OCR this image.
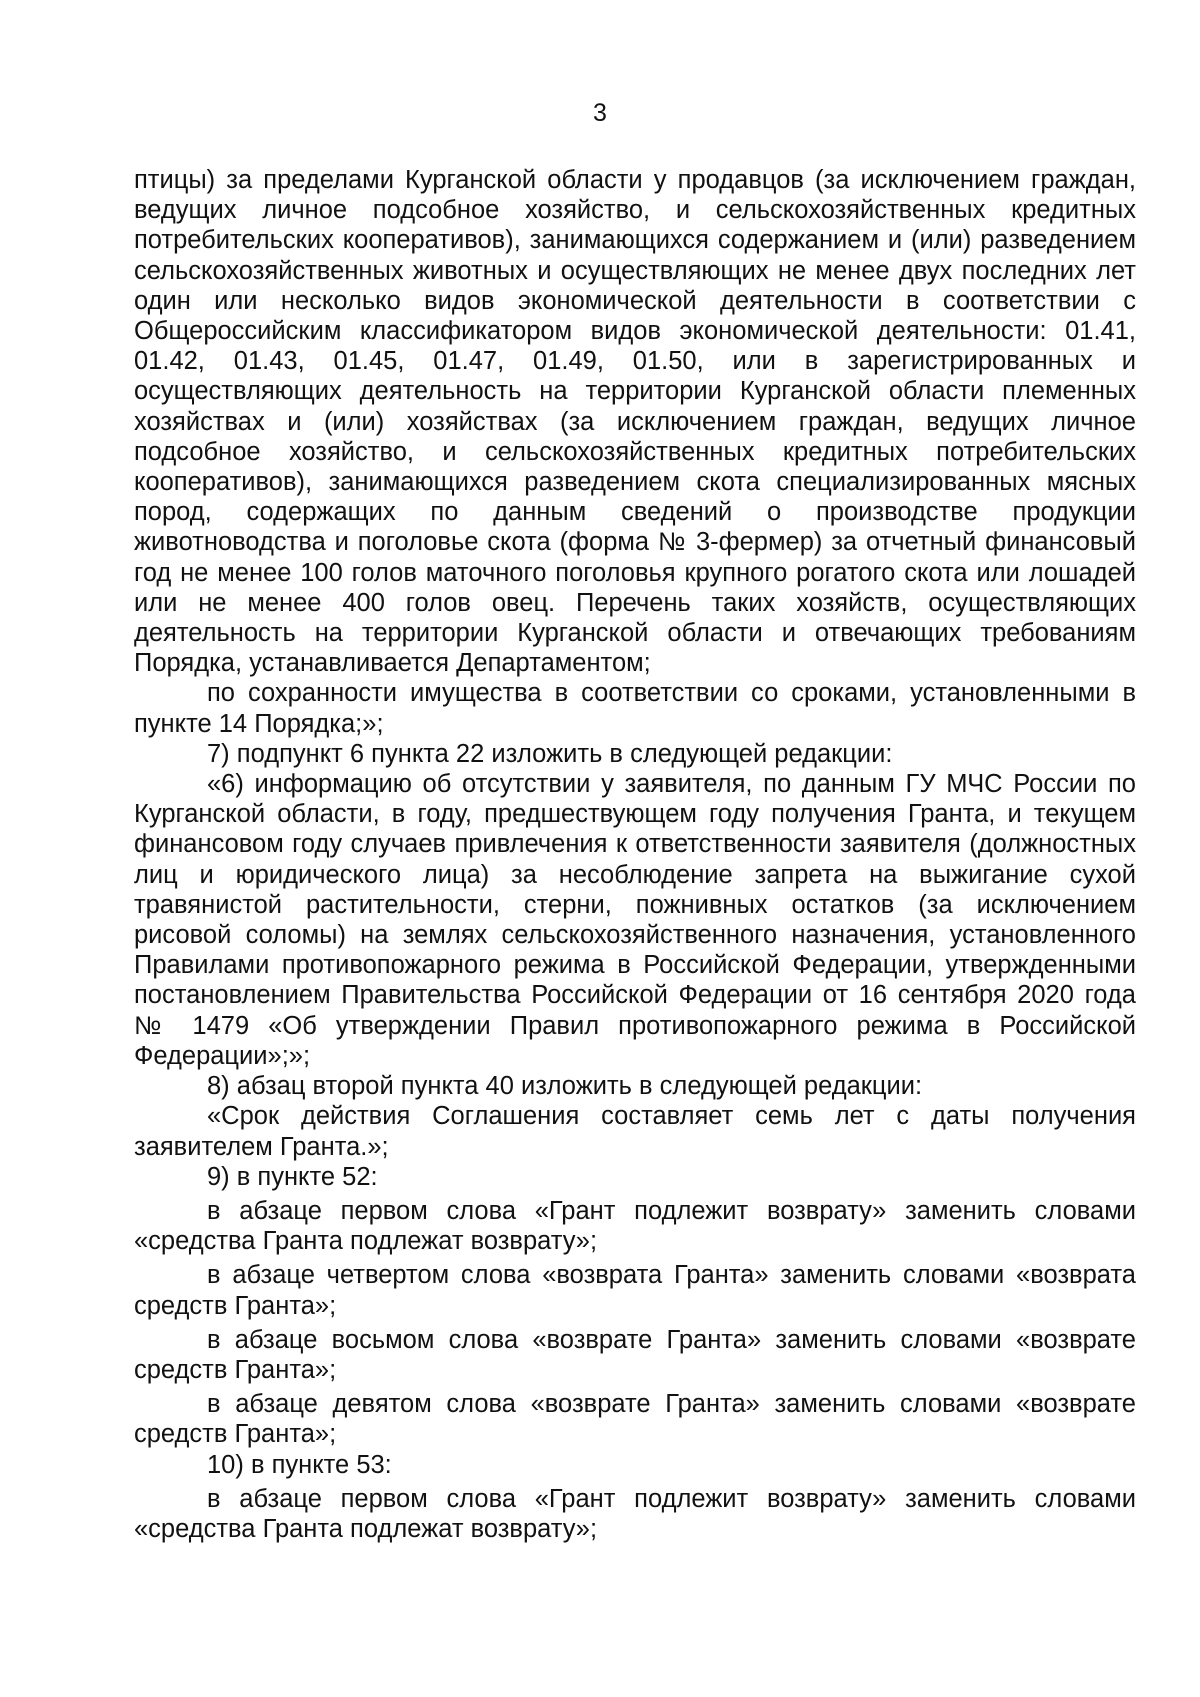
3

птицы) за пределами Курганской области у продавцов (за исключением граждан, ведущих личное подсобное хозяйство, и сельскохозяйственных кредитных потребительских кооперативов), занимающихся содержанием и (или) разведением сельскохозяйственных животных и осуществляющих не менее двух последних лет один или несколько видов экономической деятельности в соответствии с Общероссийским классификатором видов экономической деятельности: 01.41, 01.42, 01.43, 01.45, 01.47, 01.49, 01.50, или в зарегистрированных и осуществляющих деятельность на территории Курганской области племенных хозяйствах и (или) хозяйствах (за исключением граждан, ведущих личное подсобное хозяйство, и сельскохозяйственных кредитных потребительских кооперативов), занимающихся разведением скота специализированных мясных пород, содержащих по данным сведений о производстве продукции животноводства и поголовье скота (форма № 3-фермер) за отчетный финансовый год не менее 100 голов маточного поголовья крупного рогатого скота или лошадей или не менее 400 голов овец. Перечень таких хозяйств, осуществляющих деятельность на территории Курганской области и отвечающих требованиям Порядка, устанавливается Департаментом;

по сохранности имущества в соответствии со сроками, установленными в пункте 14 Порядка;»;

7) подпункт 6 пункта 22 изложить в следующей редакции:

«6) информацию об отсутствии у заявителя, по данным ГУ МЧС России по Курганской области, в году, предшествующем году получения Гранта, и текущем финансовом году случаев привлечения к ответственности заявителя (должностных лиц и юридического лица) за несоблюдение запрета на выжигание сухой травянистой растительности, стерни, пожнивных остатков (за исключением рисовой соломы) на землях сельскохозяйственного назначения, установленного Правилами противопожарного режима в Российской Федерации, утвержденными постановлением Правительства Российской Федерации от 16 сентября 2020 года № 1479 «Об утверждении Правил противопожарного режима в Российской Федерации»;»;

8) абзац второй пункта 40 изложить в следующей редакции:

«Срок действия Соглашения составляет семь лет с даты получения заявителем Гранта.»;

9) в пункте 52:

в абзаце первом слова «Грант подлежит возврату» заменить словами «средства Гранта подлежат возврату»;

в абзаце четвертом слова «возврата Гранта» заменить словами «возврата средств Гранта»;

в абзаце восьмом слова «возврате Гранта» заменить словами «возврате средств Гранта»;

в абзаце девятом слова «возврате Гранта» заменить словами «возврате средств Гранта»;

10) в пункте 53:

в абзаце первом слова «Грант подлежит возврату» заменить словами «средства Гранта подлежат возврату»;
